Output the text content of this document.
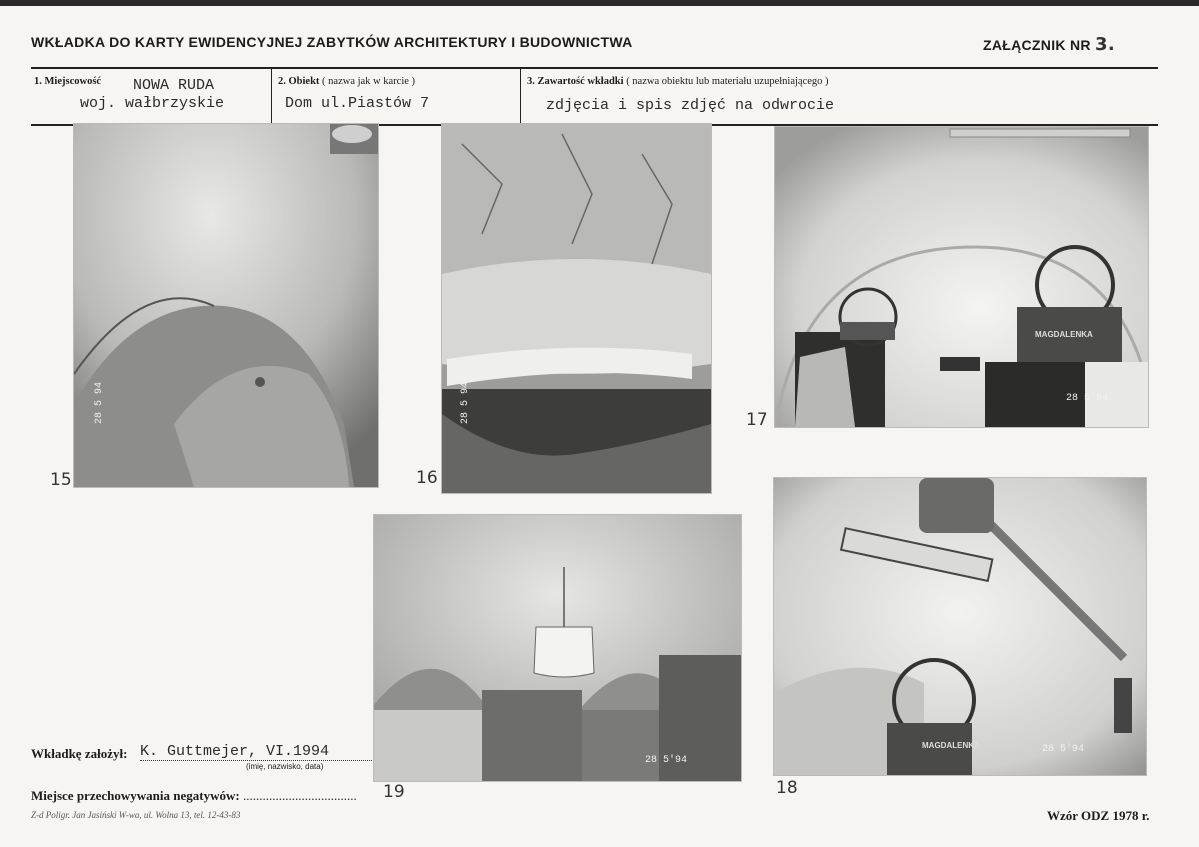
WKŁADKA DO KARTY EWIDENCYJNEJ ZABYTKÓW ARCHITEKTURY I BUDOWNICTWA	ZAŁĄCZNIK NR 3.
1. Miejscowość NOWA RUDA
woj. wałbrzyskie
2. Obiekt ( nazwa jak w karcie )
Dom ul.Piastów 7
3. Zawartość wkładki ( nazwa obiektu lub materiału uzupełniającego )
zdjęcia i spis zdjęć na odwrocie
28 5 94
15
28 5 94
16
MAGDALENKA
28 5'94
17
28 5'94
MAGDALENKA	28 5'94
18
Wkładkę założył: K. Guttmejer, VI.1994
(imię, nazwisko, data)
Miejsce przechowywania negatywów: ................................... 19
Z-d Poligr. Jan Jasiński W-wa, ul. Wolna 13, tel. 12-43-83	Wzór ODZ 1978 r.
